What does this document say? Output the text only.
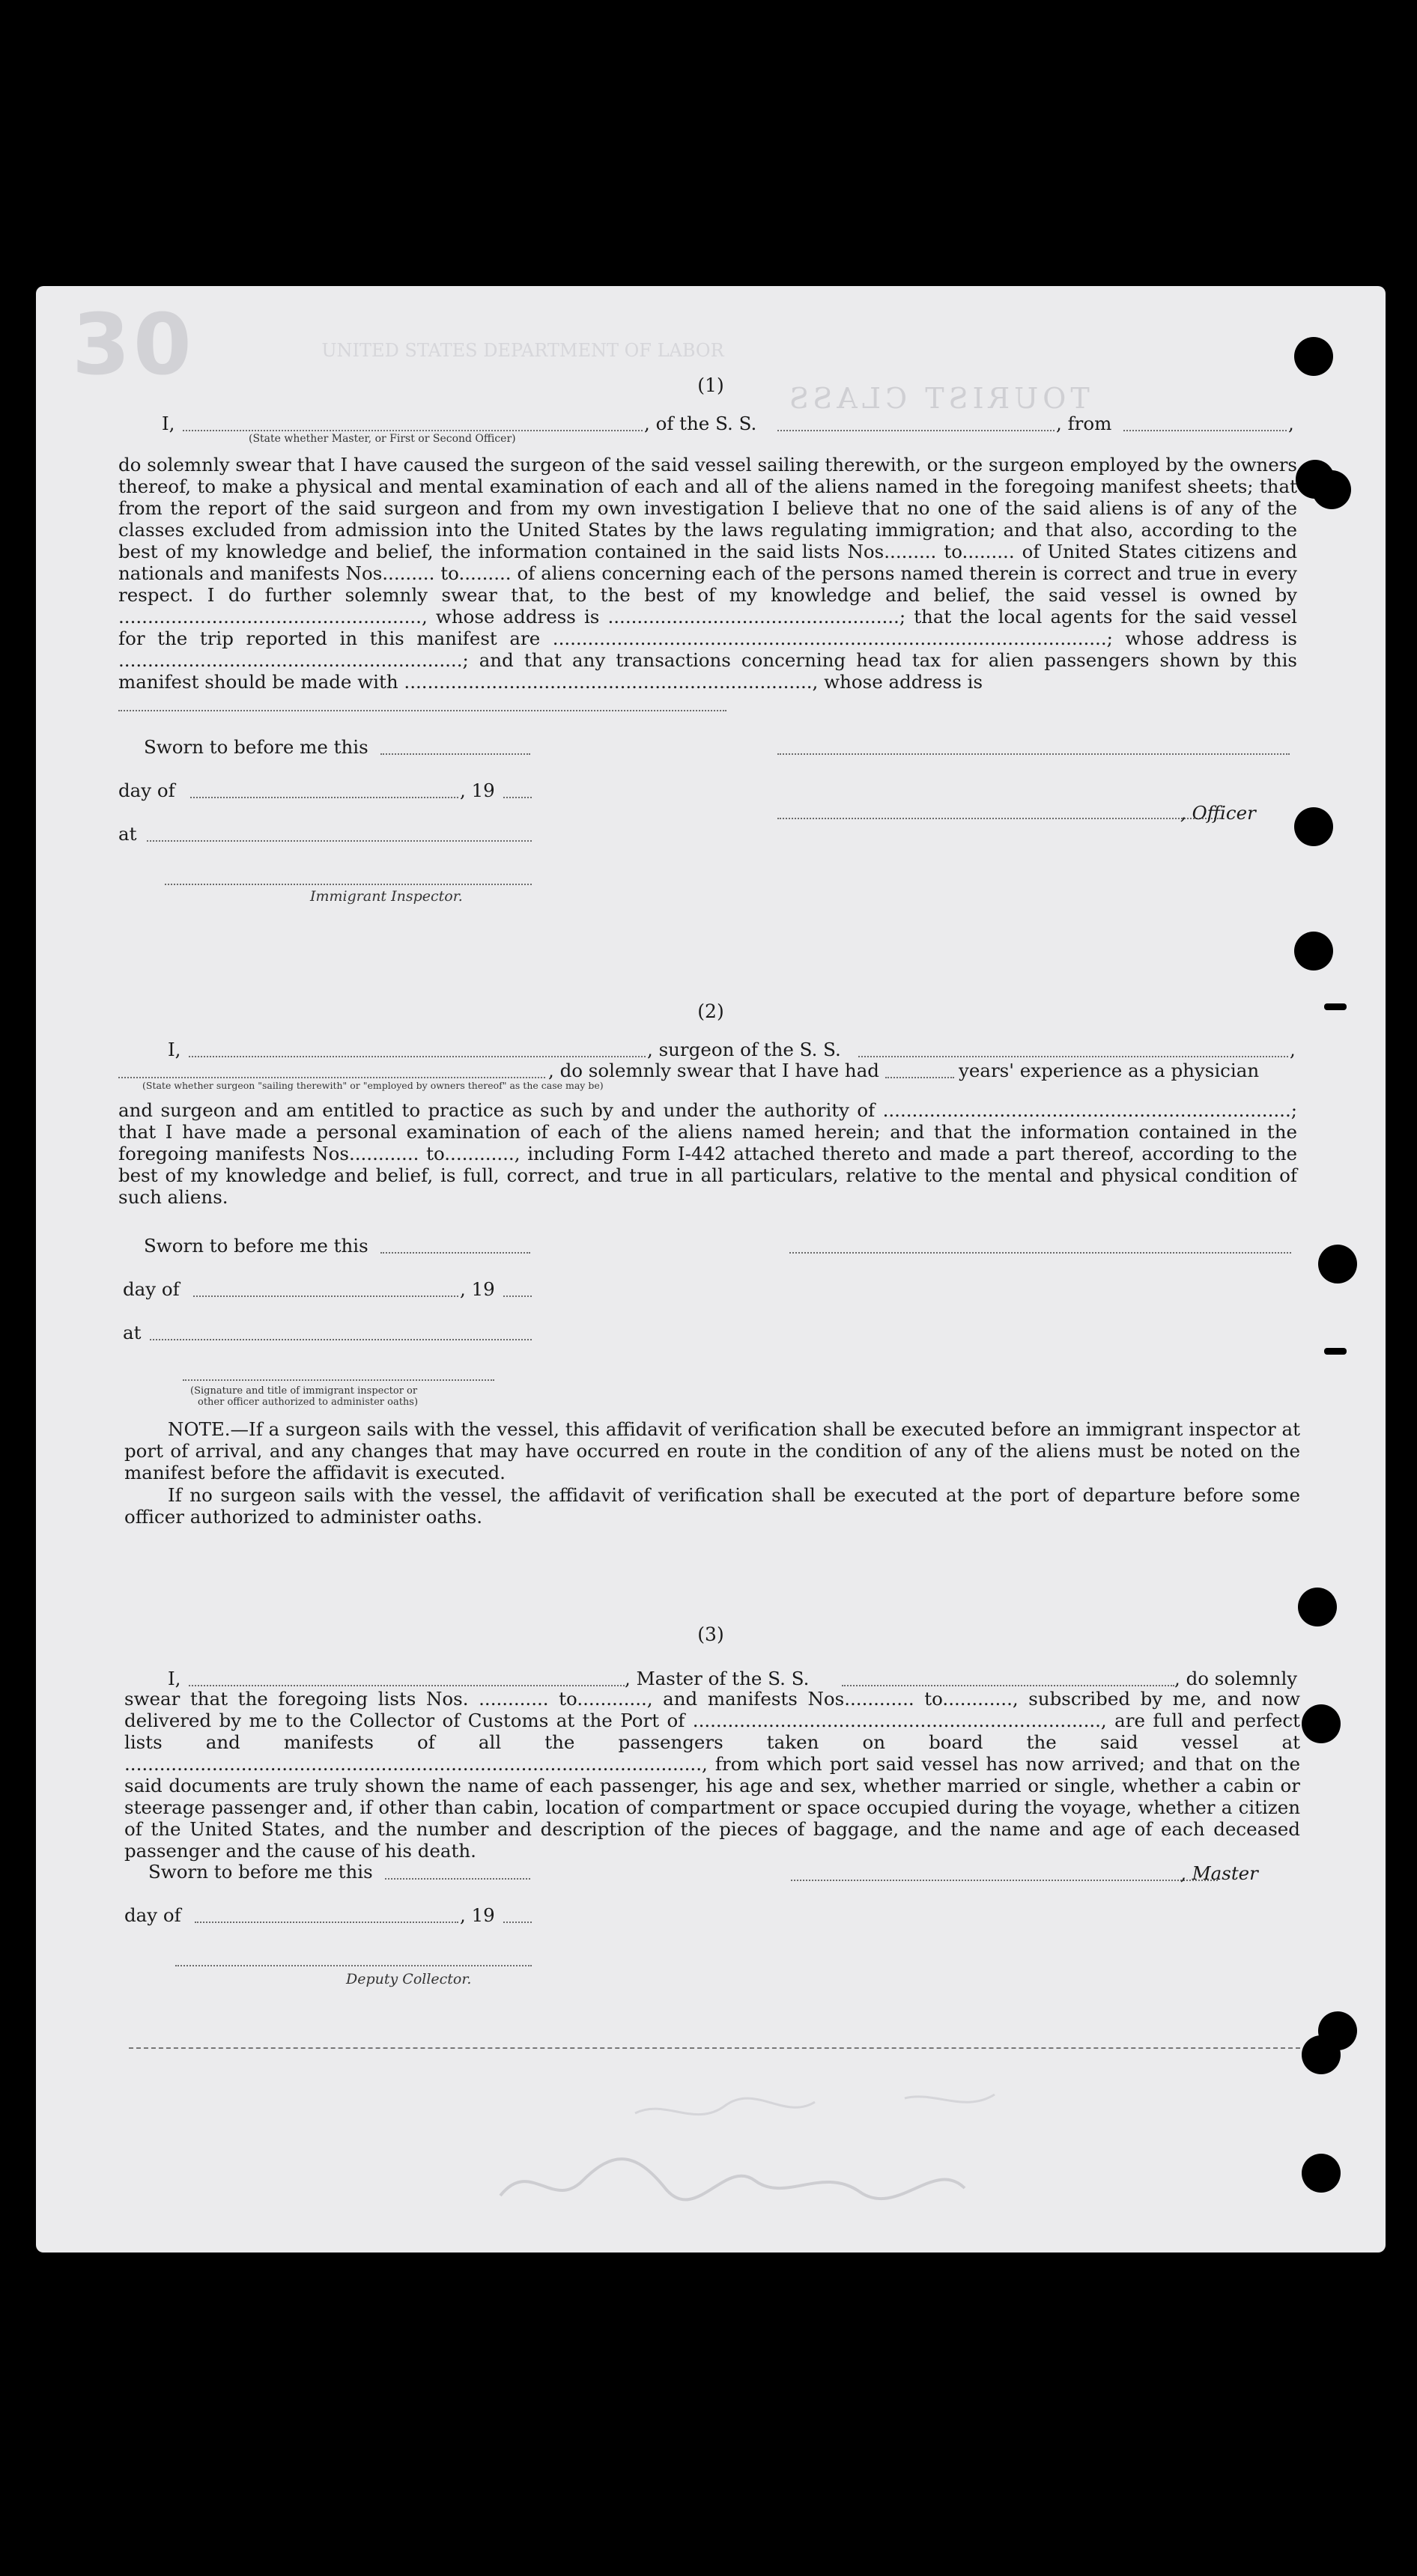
30	UNITED STATES DEPARTMENT OF LABOR
TOURIST CLASS
(1)
I,	, of the S. S.	, from	,
(State whether Master, or First or Second Officer)
do solemnly swear that I have caused the surgeon of the said vessel sailing therewith, or the surgeon employed by the owners thereof, to make a physical and mental examination of each and all of the aliens named in the foregoing manifest sheets; that from the report of the said surgeon and from my own investigation I believe that no one of the said aliens is of any of the classes excluded from admission into the United States by the laws regulating immigration; and that also, according to the best of my knowledge and belief, the information contained in the said lists Nos......... to......... of United States citizens and nationals and manifests Nos......... to......... of aliens concerning each of the persons named therein is correct and true in every respect. I do further solemnly swear that, to the best of my knowledge and belief, the said vessel is owned by ...................................................., whose address is ..................................................; that the local agents for the said vessel for the trip reported in this manifest are ...............................................................................................; whose address is ...........................................................; and that any transactions concerning head tax for alien passengers shown by this manifest should be made with ......................................................................, whose address is
Sworn to before me this
day of	, 19
, Officer
at
Immigrant Inspector.
(2)
I,	, surgeon of the S. S.	,
, do solemnly swear that I have had	years' experience as a physician
(State whether surgeon "sailing therewith" or "employed by owners thereof" as the case may be)
and surgeon and am entitled to practice as such by and under the authority of ......................................................................; that I have made a personal examination of each of the aliens named herein; and that the information contained in the foregoing manifests Nos............ to............, including Form I-442 attached thereto and made a part thereof, according to the best of my knowledge and belief, is full, correct, and true in all particulars, relative to the mental and physical condition of such aliens.
Sworn to before me this
day of	, 19
at
(Signature and title of immigrant inspector or
other officer authorized to administer oaths)
NOTE.—If a surgeon sails with the vessel, this affidavit of verification shall be executed before an immigrant inspector at port of arrival, and any changes that may have occurred en route in the condition of any of the aliens must be noted on the manifest before the affidavit is executed.
If no surgeon sails with the vessel, the affidavit of verification shall be executed at the port of departure before some officer authorized to administer oaths.
(3)
I,	, Master of the S. S.	, do solemnly
swear that the foregoing lists Nos. ............ to............, and manifests Nos............ to............, subscribed by me, and now delivered by me to the Collector of Customs at the Port of ......................................................................, are full and perfect lists and manifests of all the passengers taken on board the said vessel at ..................................................................................................., from which port said vessel has now arrived; and that on the said documents are truly shown the name of each passenger, his age and sex, whether married or single, whether a cabin or steerage passenger and, if other than cabin, location of compartment or space occupied during the voyage, whether a citizen of the United States, and the number and description of the pieces of baggage, and the name and age of each deceased passenger and the cause of his death.
Sworn to before me this	, Master
day of	, 19
Deputy Collector.
